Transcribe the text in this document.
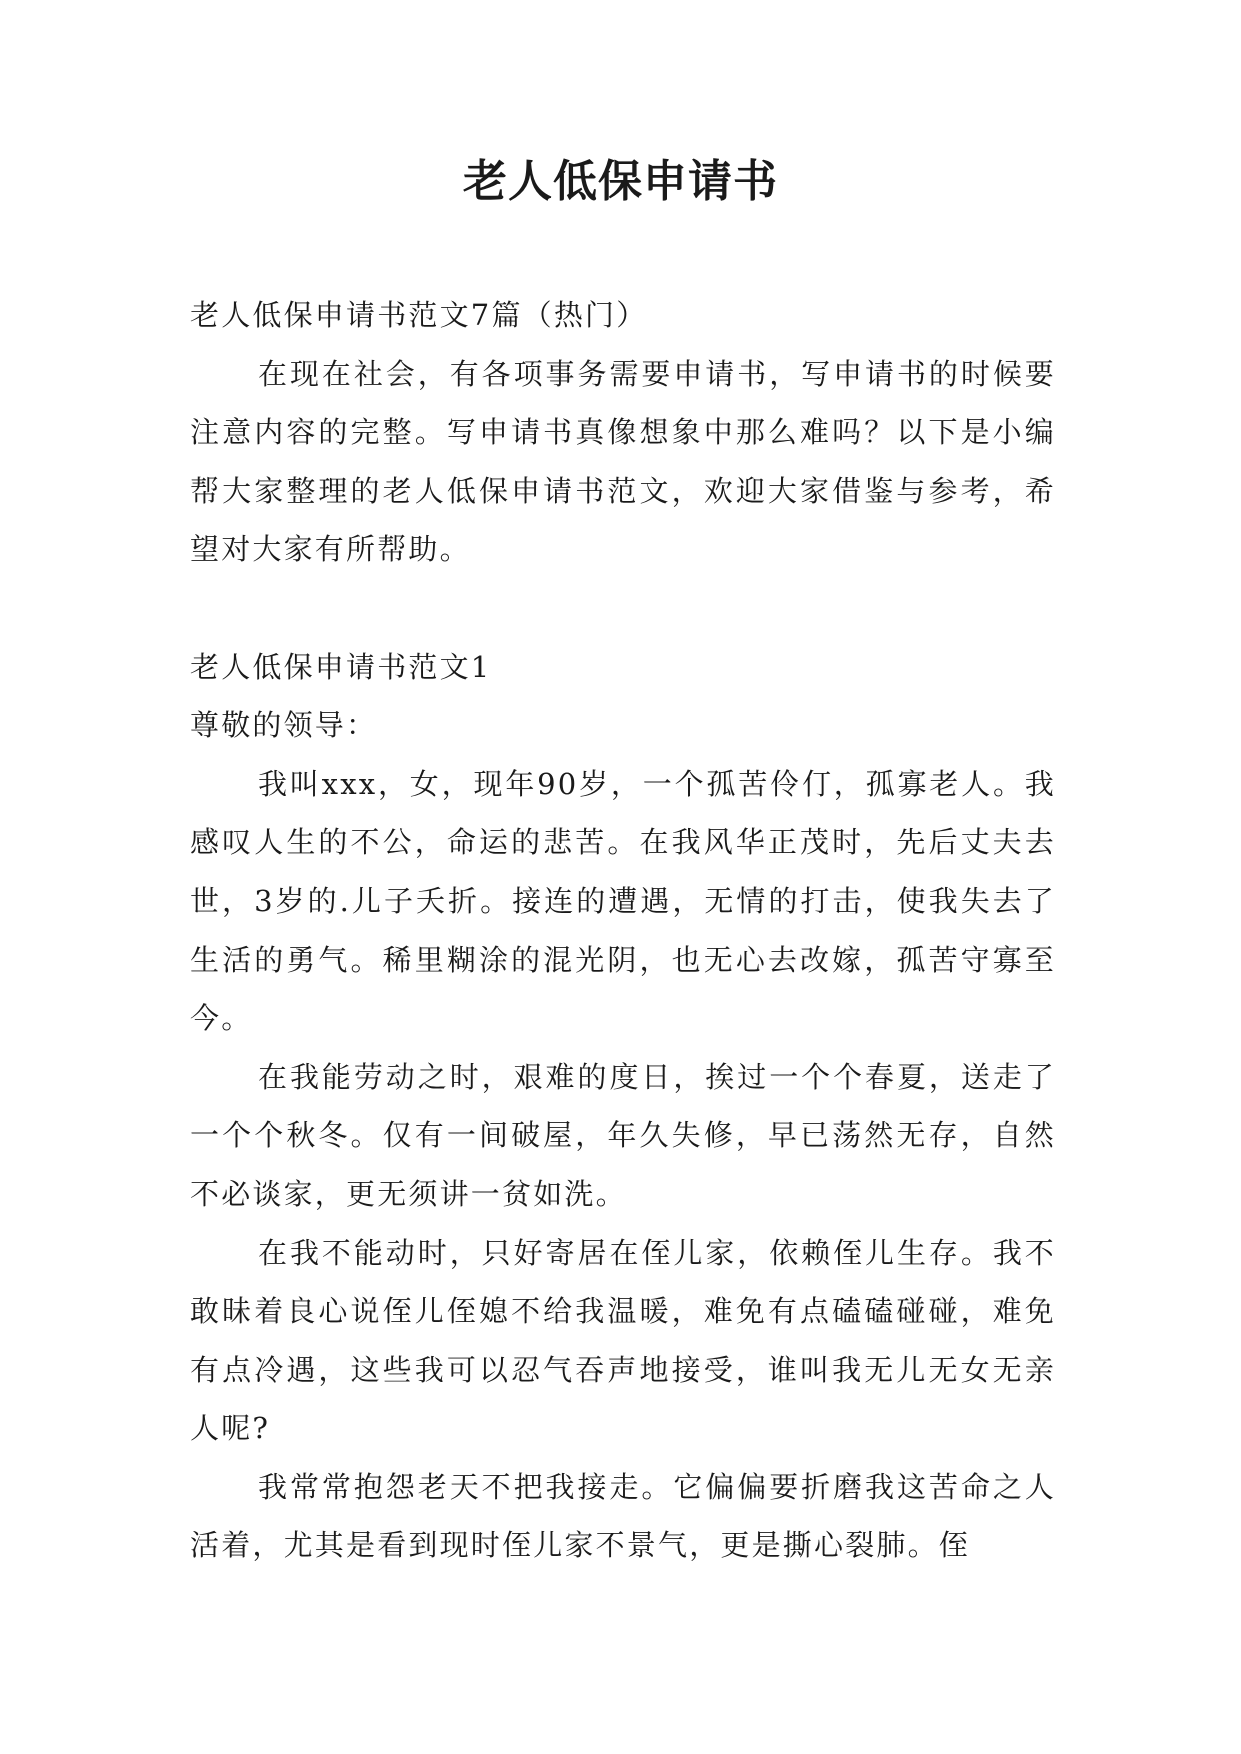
老人低保申请书

老人低保申请书范文7篇（热门）

在现在社会，有各项事务需要申请书，写申请书的时候要注意内容的完整。写申请书真像想象中那么难吗？以下是小编帮大家整理的老人低保申请书范文，欢迎大家借鉴与参考，希望对大家有所帮助。

老人低保申请书范文1

尊敬的领导：

我叫xxx，女，现年90岁，一个孤苦伶仃，孤寡老人。我感叹人生的不公，命运的悲苦。在我风华正茂时，先后丈夫去世，3岁的.儿子夭折。接连的遭遇，无情的打击，使我失去了生活的勇气。稀里糊涂的混光阴，也无心去改嫁，孤苦守寡至今。

在我能劳动之时，艰难的度日，挨过一个个春夏，送走了一个个秋冬。仅有一间破屋，年久失修，早已荡然无存，自然不必谈家，更无须讲一贫如洗。

在我不能动时，只好寄居在侄儿家，依赖侄儿生存。我不敢昧着良心说侄儿侄媳不给我温暖，难免有点磕磕碰碰，难免有点冷遇，这些我可以忍气吞声地接受，谁叫我无儿无女无亲人呢?

我常常抱怨老天不把我接走。它偏偏要折磨我这苦命之人活着，尤其是看到现时侄儿家不景气，更是撕心裂肺。侄
